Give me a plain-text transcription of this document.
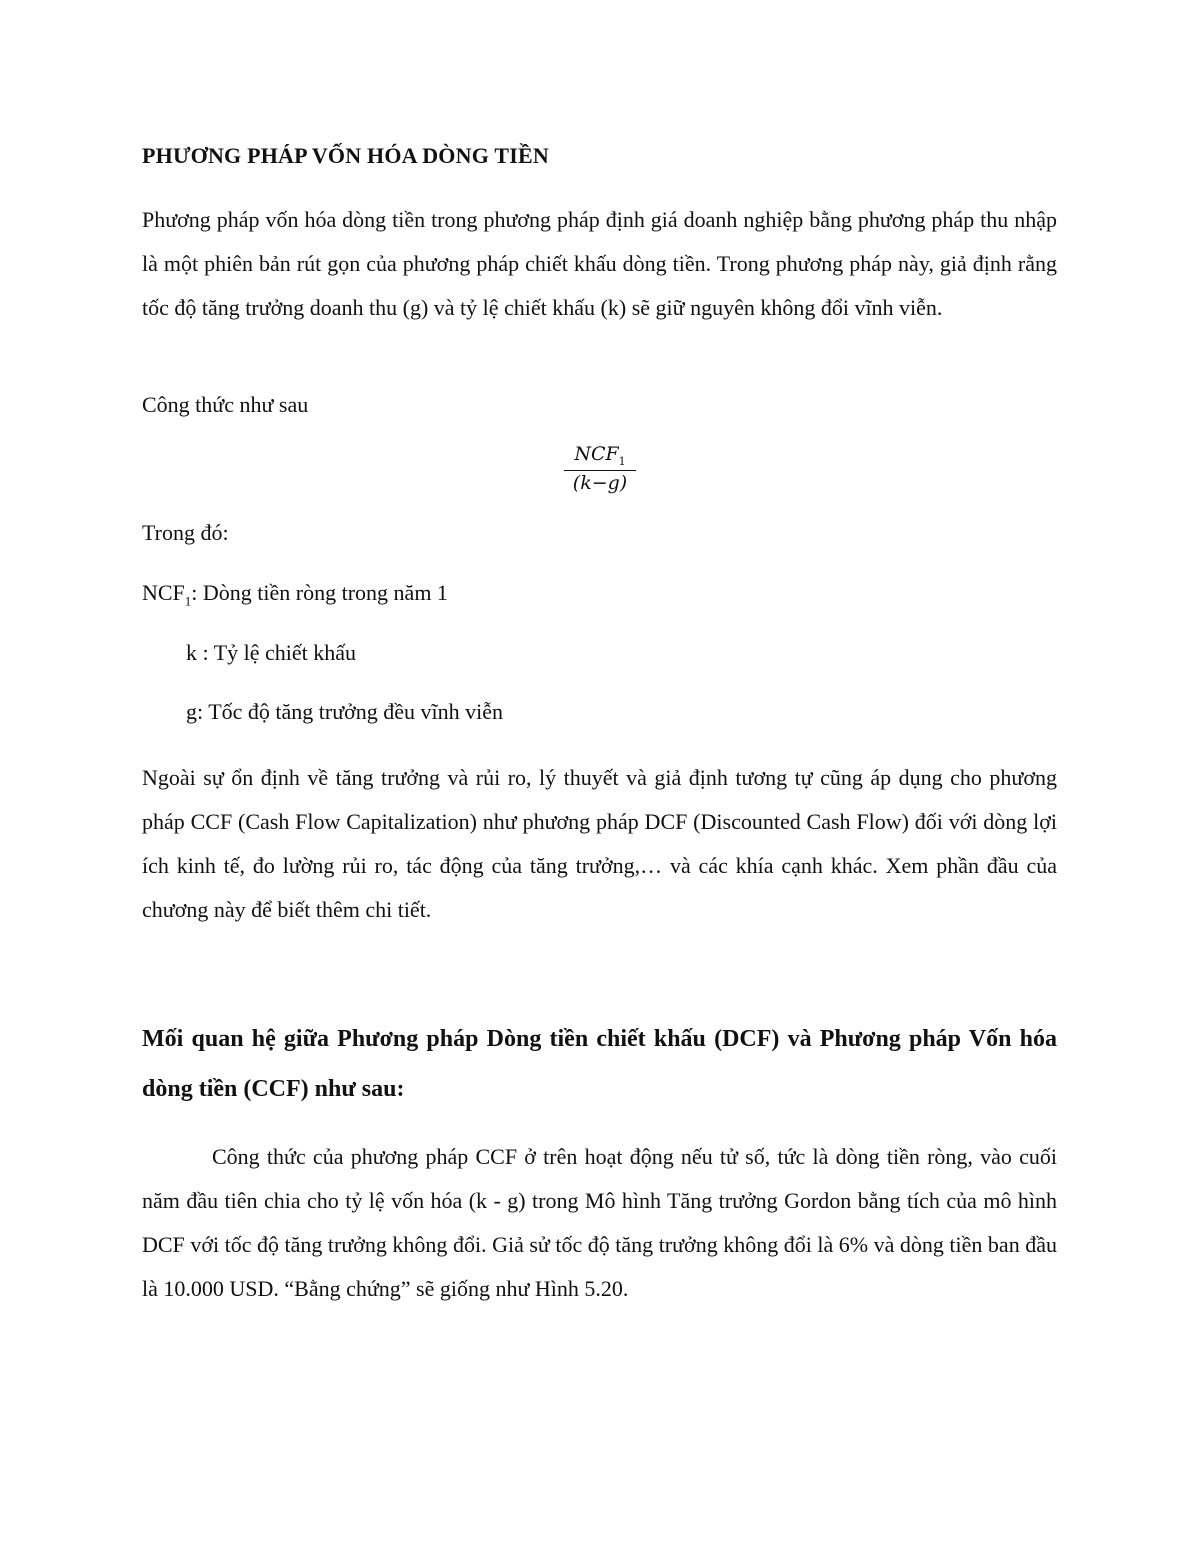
PHƯƠNG PHÁP VỐN HÓA DÒNG TIỀN

Phương pháp vốn hóa dòng tiền trong phương pháp định giá doanh nghiệp bằng phương pháp thu nhập là một phiên bản rút gọn của phương pháp chiết khấu dòng tiền. Trong phương pháp này, giả định rằng tốc độ tăng trưởng doanh thu (g) và tỷ lệ chiết khấu (k) sẽ giữ nguyên không đổi vĩnh viễn.

Công thức như sau

$NCF_1$
(k−g)

Trong đó:

$NCF_1$: Dòng tiền ròng trong năm 1

k : Tỷ lệ chiết khấu

g: Tốc độ tăng trưởng đều vĩnh viễn

Ngoài sự ổn định về tăng trưởng và rủi ro, lý thuyết và giả định tương tự cũng áp dụng cho phương pháp CCF (Cash Flow Capitalization) như phương pháp DCF (Discounted Cash Flow) đối với dòng lợi ích kinh tế, đo lường rủi ro, tác động của tăng trưởng,… và các khía cạnh khác. Xem phần đầu của chương này để biết thêm chi tiết.

Mối quan hệ giữa Phương pháp Dòng tiền chiết khấu (DCF) và Phương pháp Vốn hóa dòng tiền (CCF) như sau:

Công thức của phương pháp CCF ở trên hoạt động nếu tử số, tức là dòng tiền ròng, vào cuối năm đầu tiên chia cho tỷ lệ vốn hóa (k - g) trong Mô hình Tăng trưởng Gordon bằng tích của mô hình DCF với tốc độ tăng trưởng không đổi. Giả sử tốc độ tăng trưởng không đổi là 6% và dòng tiền ban đầu là 10.000 USD. “Bằng chứng” sẽ giống như Hình 5.20.
